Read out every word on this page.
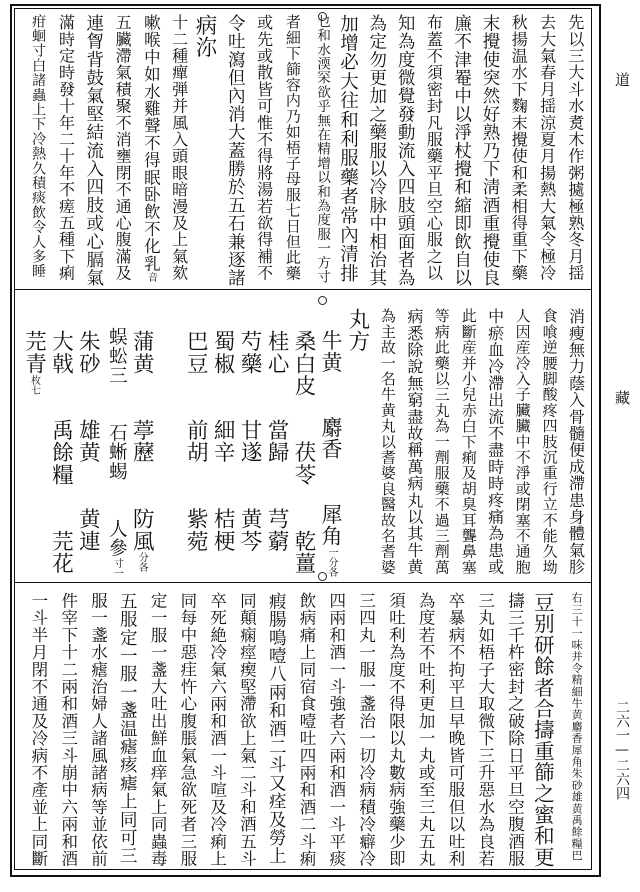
道
藏
二六一—二六四
先以三大斗水煑木作粥㨿極熟冬月揺
去大氣春月揺涼夏月揚熱大氣令極冷
秋揚温水下麴末攪使和柔相得重下藥
末攪使突然好熟乃下淸酒重攪使良
㢘不津罨中以淨杖攪和縮即飲自以
布蓋不須密封凡服藥平旦空心服之以
知為度微覺發動流入四肢頭面者為
為定勿更加之藥服以冷脉中相治其
加增必大往和利服藥者常內清排
乜和水渜罙欲乎無在精增以和為度服一方寸
者細下篩容内乃如梧子母服七日但此藥
或先或散皆可惟不得將湯若欲得補不
令吐瀉但內消大蓋勝於五石兼逐諸
病沵
十二種癉弾并風入頭眼暗漫及上氣欬
嗽喉中如水雞聲不得眠卧飲不化乳音
五臟滯氣積聚不消壅閉不通心腹滿及
連胷背鼓氣堅結流入四肢或心膈氣
滿時定時發十年二十年不瘥五種下痢
疳蛔寸白諸蟲上下冷熱久積痰飲令人多睡
消瘦無力蔭入骨髓便成滯患身體氣胗
食喰逆腰脚酸疼四肢沉重行立不能久坳
人因産冷入子臟臟中不淨或閉塞不通胞
中瘀血冷滯出流不盡時時疼痛為患或
此斷産并小兒赤白下痢及胡臭耳聾鼻塞
等病此藥以三丸為一劑服藥不過三劑萬
病悉除說無窮盡故稱萬病丸以其牛黄
為主故一名牛黄丸以耆婆良醫故名耆婆
丸方
　牛黄　　麝香　　犀角一分各
　桑白皮　　茯苓　　乾薑
　桂心　　當歸　　芎藭
　芍藥　　甘遂　　黄芩
　蜀椒　　細辛　　桔梗
　巴豆　　前胡　　紫菀
　蒲黄　　葶藶　　防風分各
　蜈蚣三　　石蜥蜴　　人參寸一
　朱砂　　雄黄　　黄連
　大戟　　禹餘糧　　芫花
　芫青枚七
右三十一味并令精細牛黄麝香犀角朱砂雄黄禹餘糧巴
豆别研餘者合擣重篩之蜜和更
擣三千杵密封之破除日平旦空腹酒服
三丸如梧子大取微下三升惡水為良若
卒暴病不拘平旦早晚皆可服但以吐利
為度若不吐利更加一丸或至三丸五丸
須吐利為度不得限以丸數病強藥少即
三四丸一服一盞治一切冷病積冷癖冷
四兩和酒一斗強者六兩和酒一斗平痰
飲病痛上同宿食噎吐四兩和酒二斗痢
瘕腸鳴噎八兩和酒二斗又痊及勞上
同顛痫痙瘈堅滯欲上氣二斗和酒五斗
卒死絶冷氣六兩和酒一斗喧及冷痢上
同每中惡疰忤心腹脹氣急欲死者三服
定一服一盞大吐出鮮血痒氣上同蟲毒
五服定一服一盞温瘧痎瘧上同可三
服一盞水瘧治婦人諸風諸病等並依前
件宰下十二兩和酒三斗崩中六兩和酒
一斗半月閉不通及冷病不產並上同斷
